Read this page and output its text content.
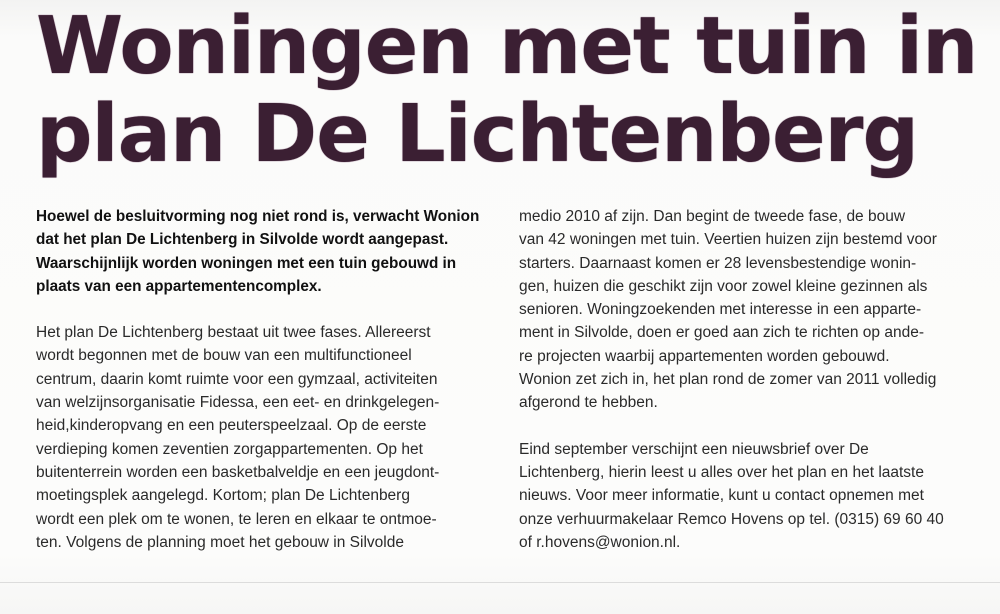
Woningen met tuin in
plan De Lichtenberg

Hoewel de besluitvorming nog niet rond is, verwacht Wonion
dat het plan De Lichtenberg in Silvolde wordt aangepast.
Waarschijnlijk worden woningen met een tuin gebouwd in
plaats van een appartementencomplex.

Het plan De Lichtenberg bestaat uit twee fases. Allereerst
wordt begonnen met de bouw van een multifunctioneel
centrum, daarin komt ruimte voor een gymzaal, activiteiten
van welzijnsorganisatie Fidessa, een eet- en drinkgelegen-
heid,kinderopvang en een peuterspeelzaal. Op de eerste
verdieping komen zeventien zorgappartementen. Op het
buitenterrein worden een basketbalveldje en een jeugdont-
moetingsplek aangelegd. Kortom; plan De Lichtenberg
wordt een plek om te wonen, te leren en elkaar te ontmoe-
ten. Volgens de planning moet het gebouw in Silvolde

medio 2010 af zijn. Dan begint de tweede fase, de bouw
van 42 woningen met tuin. Veertien huizen zijn bestemd voor
starters. Daarnaast komen er 28 levensbestendige wonin-
gen, huizen die geschikt zijn voor zowel kleine gezinnen als
senioren. Woningzoekenden met interesse in een apparte-
ment in Silvolde, doen er goed aan zich te richten op ande-
re projecten waarbij appartementen worden gebouwd.
Wonion zet zich in, het plan rond de zomer van 2011 volledig
afgerond te hebben.

Eind september verschijnt een nieuwsbrief over De
Lichtenberg, hierin leest u alles over het plan en het laatste
nieuws. Voor meer informatie, kunt u contact opnemen met
onze verhuurmakelaar Remco Hovens op tel. (0315) 69 60 40
of r.hovens@wonion.nl.
